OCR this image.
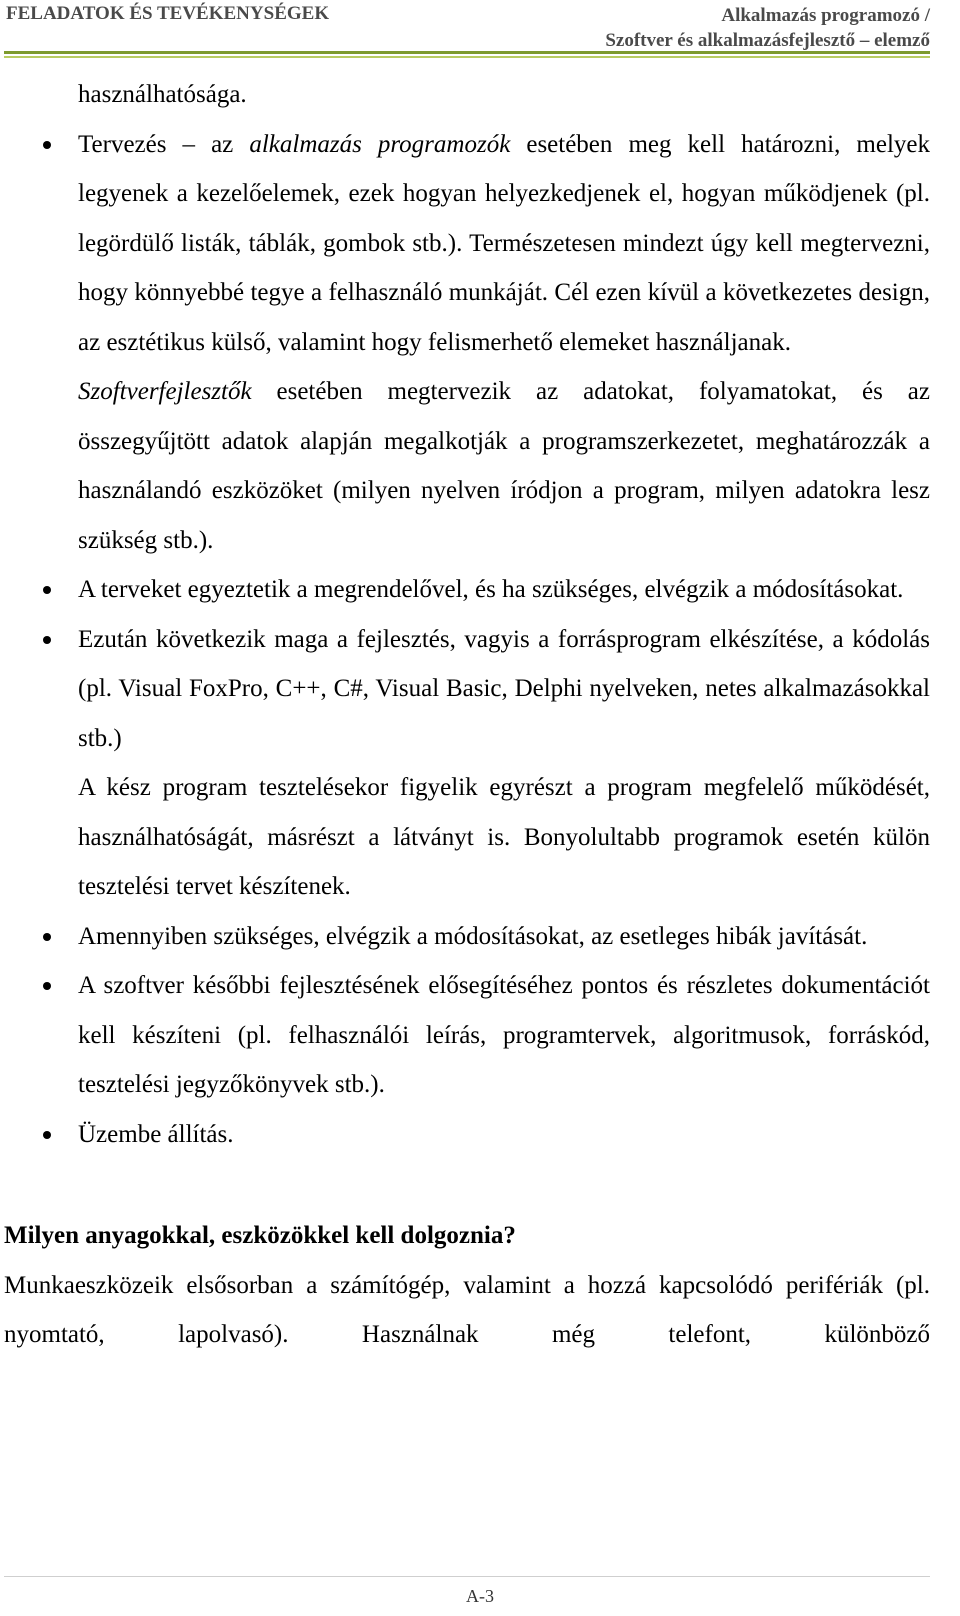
FELADATOK ÉS TEVÉKENYSÉGEK	Alkalmazás programozó /
Szoftver és alkalmazásfejlesztő – elemző

használhatósága.

Tervezés – az alkalmazás programozók esetében meg kell határozni, melyek legyenek a kezelőelemek, ezek hogyan helyezkedjenek el, hogyan működjenek (pl. legördülő listák, táblák, gombok stb.). Természetesen mindezt úgy kell megtervezni, hogy könnyebbé tegye a felhasználó munkáját. Cél ezen kívül a következetes design, az esztétikus külső, valamint hogy felismerhető elemeket használjanak.

Szoftverfejlesztők esetében megtervezik az adatokat, folyamatokat, és az összegyűjtött adatok alapján megalkotják a programszerkezetet, meghatározzák a használandó eszközöket (milyen nyelven íródjon a program, milyen adatokra lesz szükség stb.).

A terveket egyeztetik a megrendelővel, és ha szükséges, elvégzik a módosításokat.

Ezután következik maga a fejlesztés, vagyis a forrásprogram elkészítése, a kódolás (pl. Visual FoxPro, C++, C#, Visual Basic, Delphi nyelveken, netes alkalmazásokkal stb.)

A kész program tesztelésekor figyelik egyrészt a program megfelelő működését, használhatóságát, másrészt a látványt is. Bonyolultabb programok esetén külön tesztelési tervet készítenek.

Amennyiben szükséges, elvégzik a módosításokat, az esetleges hibák javítását.

A szoftver későbbi fejlesztésének elősegítéséhez pontos és részletes dokumentációt kell készíteni (pl. felhasználói leírás, programtervek, algoritmusok, forráskód, tesztelési jegyzőkönyvek stb.).

Üzembe állítás.

Milyen anyagokkal, eszközökkel kell dolgoznia?

Munkaeszközeik elsősorban a számítógép, valamint a hozzá kapcsolódó perifériák (pl. nyomtató, lapolvasó). Használnak még telefont, különböző

A-3
